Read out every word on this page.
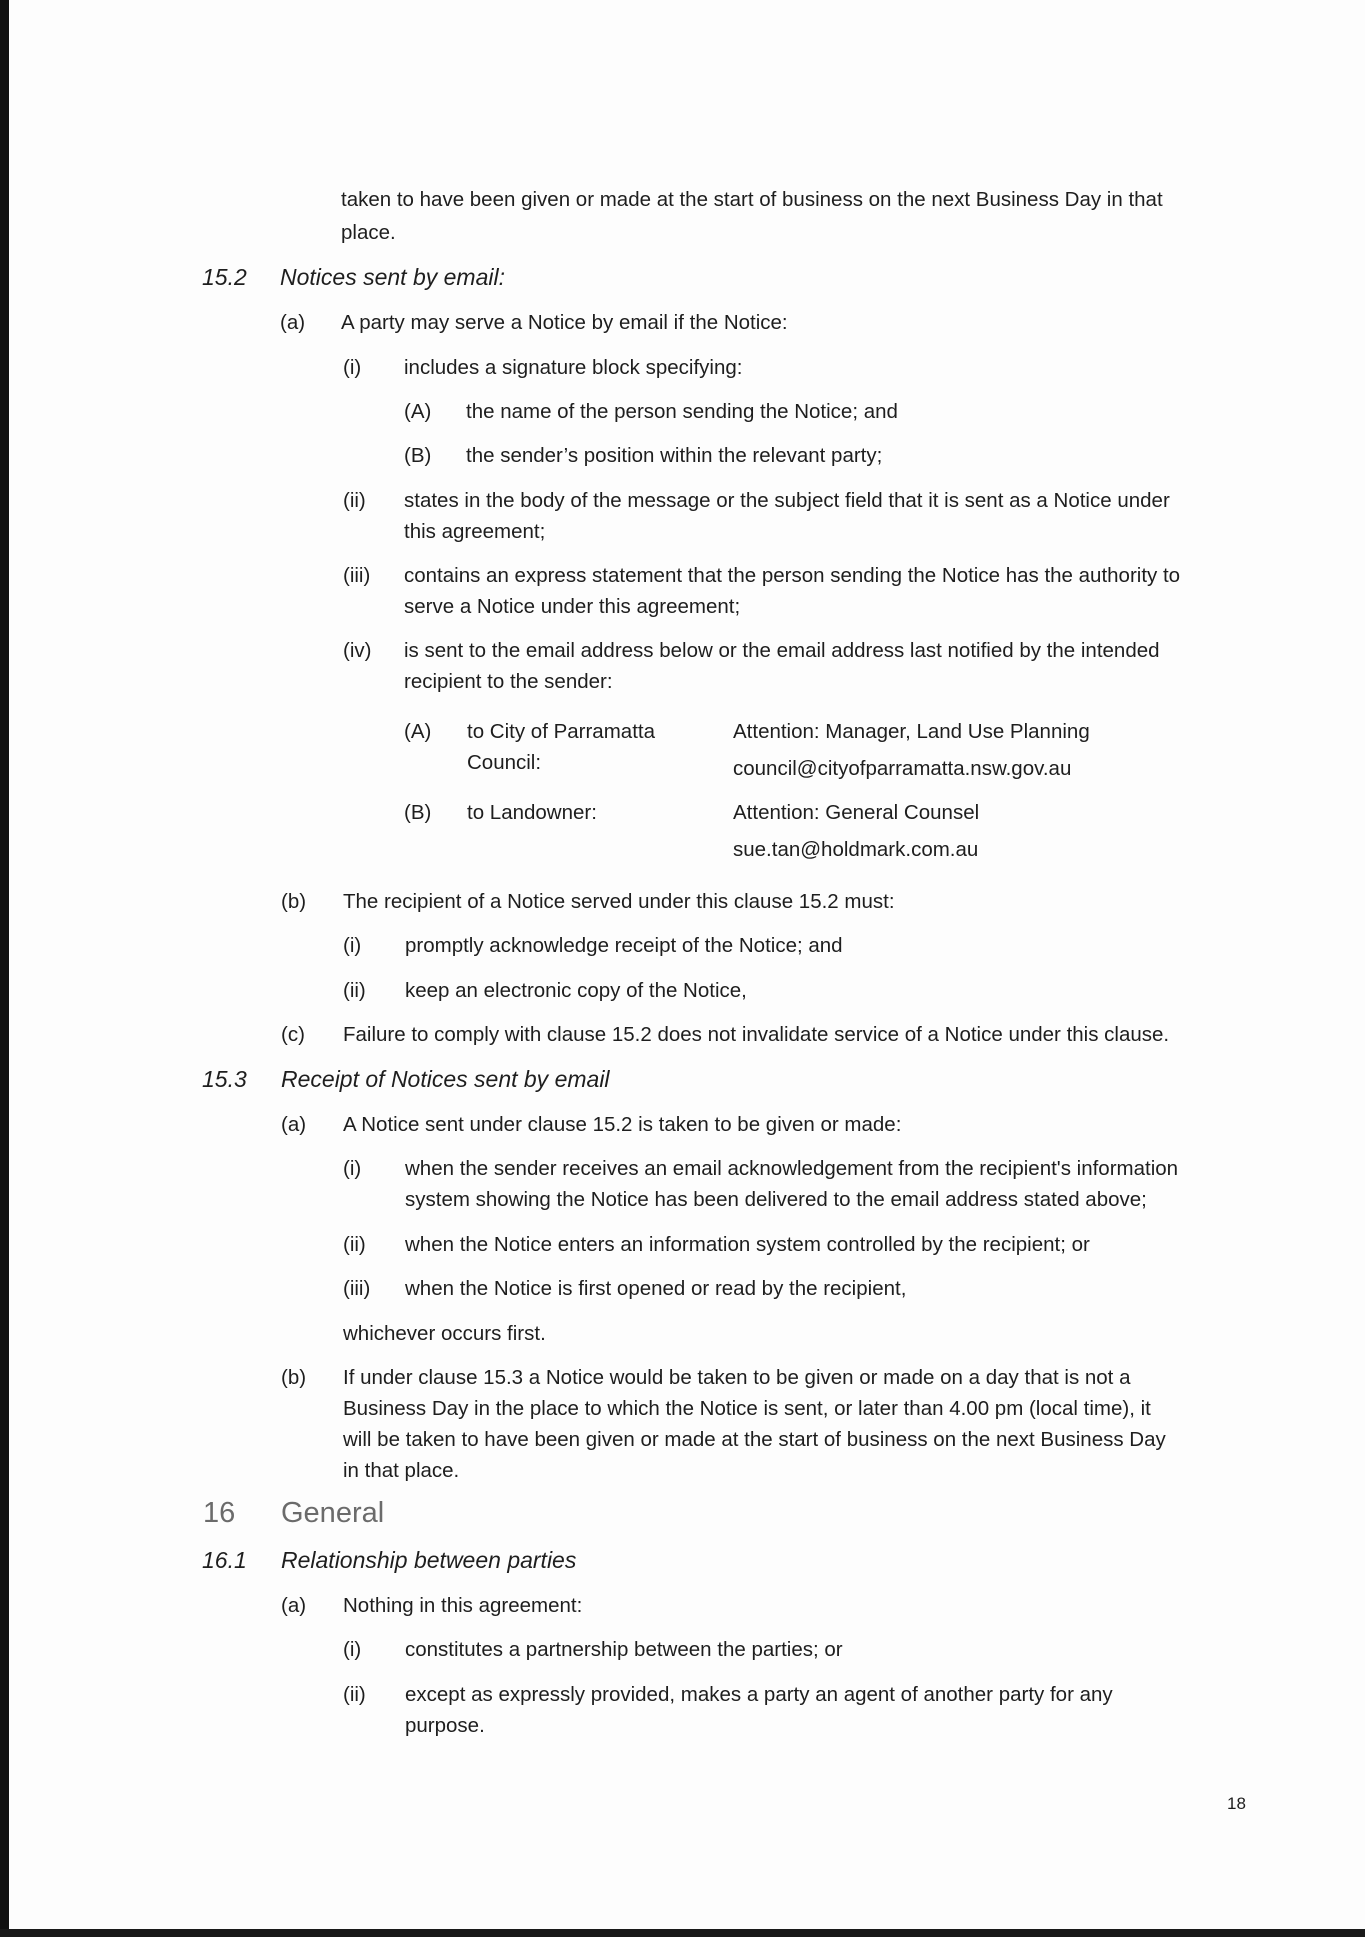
taken to have been given or made at the start of business on the next Business Day in that

place.

15.2 Notices sent by email:

(a) A party may serve a Notice by email if the Notice:

(i) includes a signature block specifying:

(A) the name of the person sending the Notice; and

(B) the sender’s position within the relevant party;

(ii) states in the body of the message or the subject field that it is sent as a Notice under

this agreement;

(iii) contains an express statement that the person sending the Notice has the authority to

serve a Notice under this agreement;

(iv) is sent to the email address below or the email address last notified by the intended

recipient to the sender:

(A) to City of Parramatta

Council:

Attention: Manager, Land Use Planning

council@cityofparramatta.nsw.gov.au

(B) to Landowner:	Attention: General Counsel

sue.tan@holdmark.com.au

(b) The recipient of a Notice served under this clause 15.2 must:

(i) promptly acknowledge receipt of the Notice; and

(ii) keep an electronic copy of the Notice,

(c) Failure to comply with clause 15.2 does not invalidate service of a Notice under this clause.

15.3 Receipt of Notices sent by email

(a) A Notice sent under clause 15.2 is taken to be given or made:

(i) when the sender receives an email acknowledgement from the recipient's information

system showing the Notice has been delivered to the email address stated above;

(ii) when the Notice enters an information system controlled by the recipient; or

(iii) when the Notice is first opened or read by the recipient,

whichever occurs first.

(b) If under clause 15.3 a Notice would be taken to be given or made on a day that is not a

Business Day in the place to which the Notice is sent, or later than 4.00 pm (local time), it

will be taken to have been given or made at the start of business on the next Business Day

in that place.

16 General

16.1 Relationship between parties

(a) Nothing in this agreement:

(i) constitutes a partnership between the parties; or

(ii) except as expressly provided, makes a party an agent of another party for any

purpose.

18
